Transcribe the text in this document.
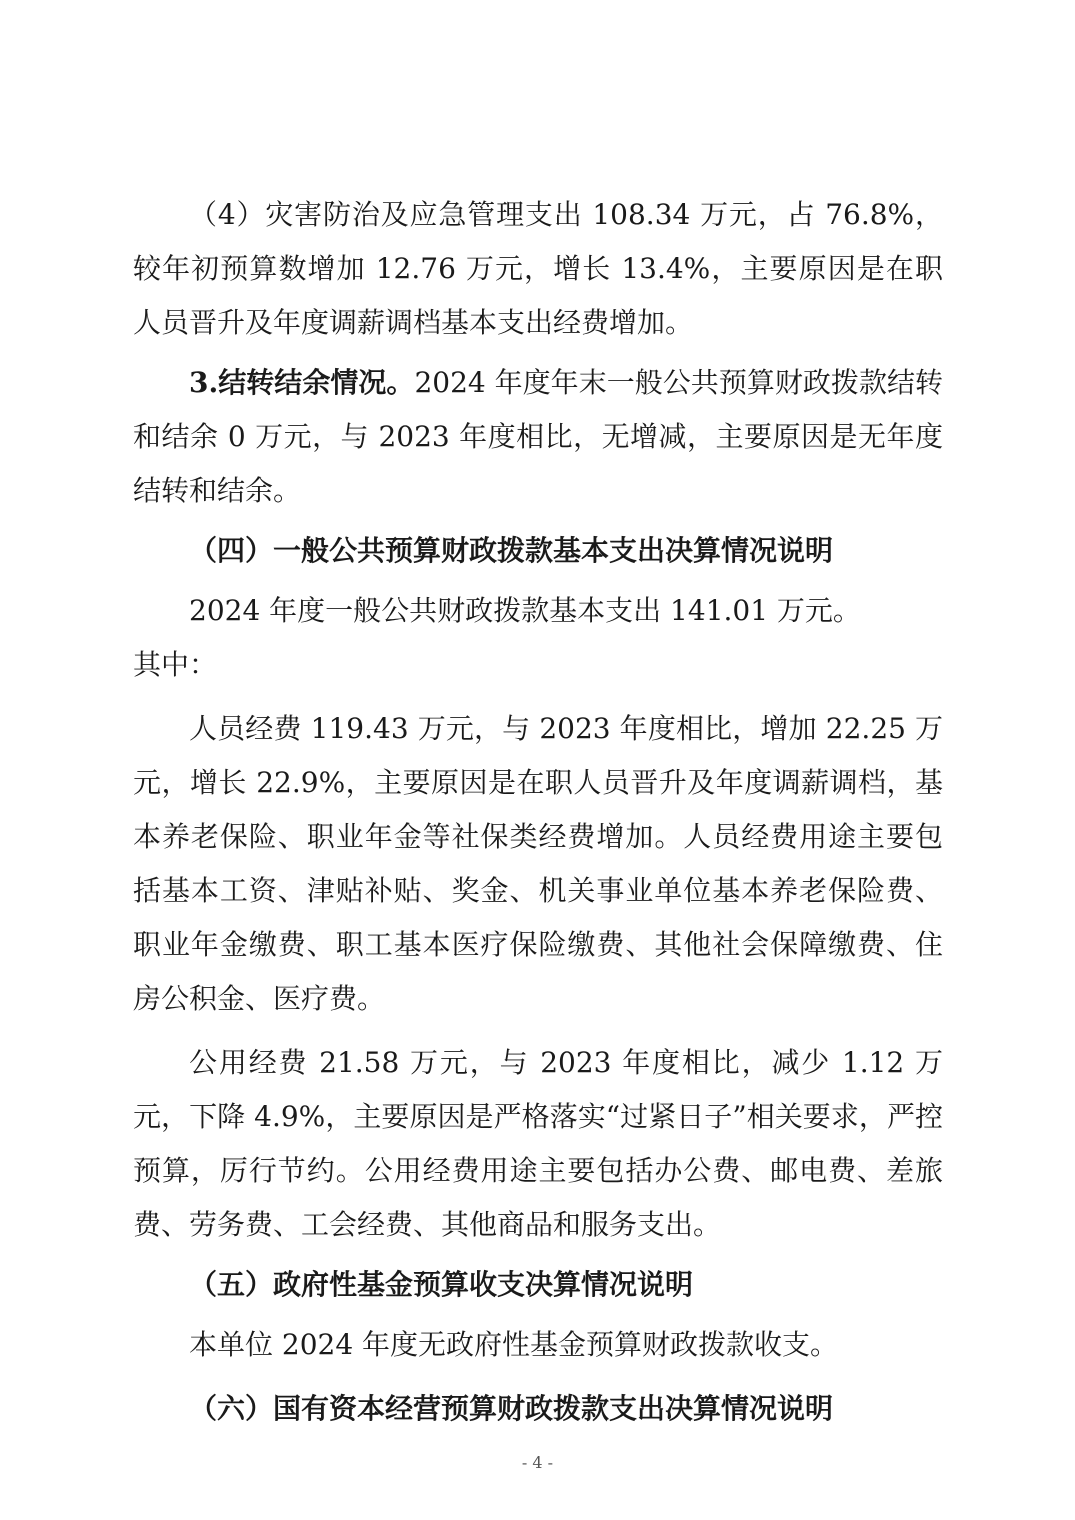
（4）灾害防治及应急管理支出 108.34 万元，占 76.8%，较年初预算数增加 12.76 万元，增长 13.4%，主要原因是在职人员晋升及年度调薪调档基本支出经费增加。

3.结转结余情况。2024 年度年末一般公共预算财政拨款结转和结余 0 万元，与 2023 年度相比，无增减，主要原因是无年度结转和结余。

（四）一般公共预算财政拨款基本支出决算情况说明

2024 年度一般公共财政拨款基本支出 141.01 万元。

其中：

人员经费 119.43 万元，与 2023 年度相比，增加 22.25 万元，增长 22.9%，主要原因是在职人员晋升及年度调薪调档，基本养老保险、职业年金等社保类经费增加。人员经费用途主要包括基本工资、津贴补贴、奖金、机关事业单位基本养老保险费、职业年金缴费、职工基本医疗保险缴费、其他社会保障缴费、住房公积金、医疗费。

公用经费 21.58 万元，与 2023 年度相比，减少 1.12 万元，下降 4.9%，主要原因是严格落实“过紧日子”相关要求，严控预算，厉行节约。公用经费用途主要包括办公费、邮电费、差旅费、劳务费、工会经费、其他商品和服务支出。

（五）政府性基金预算收支决算情况说明

本单位 2024 年度无政府性基金预算财政拨款收支。

（六）国有资本经营预算财政拨款支出决算情况说明

- 4 -
